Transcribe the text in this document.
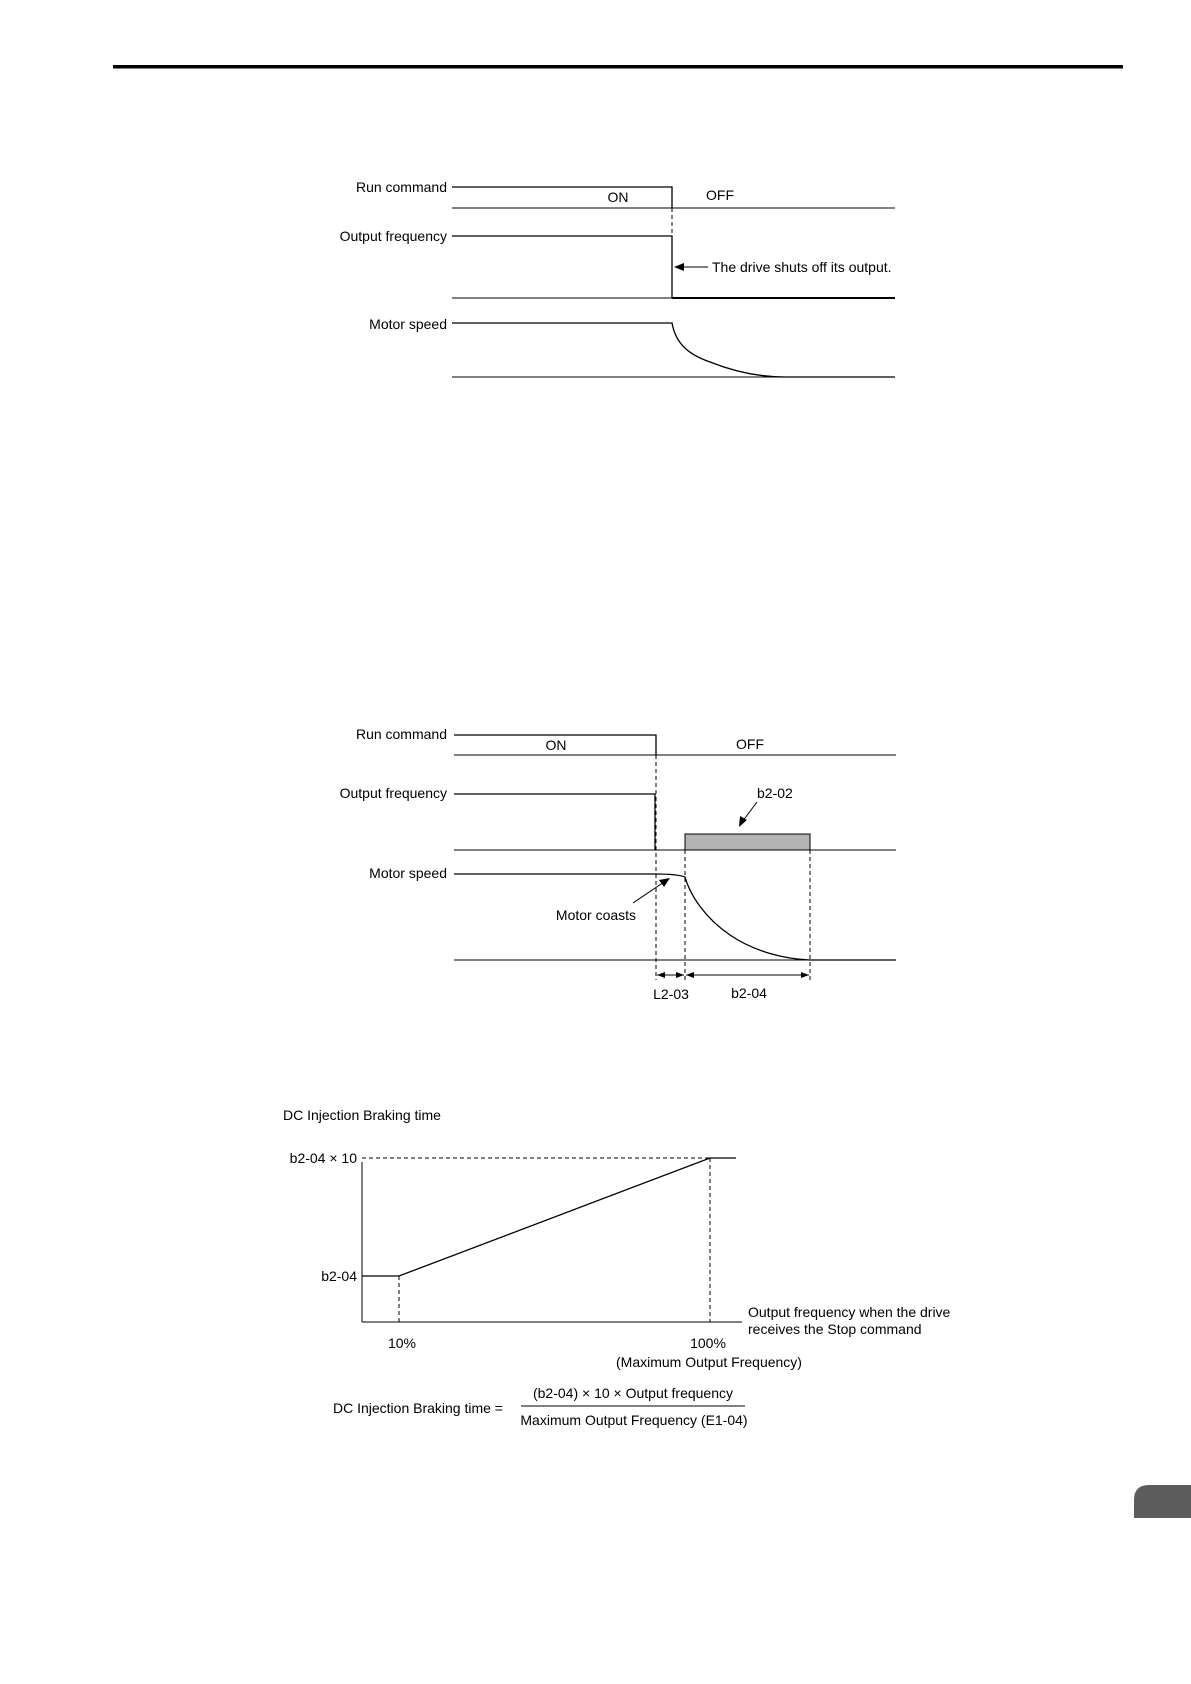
Run command
ON	OFF
Output frequency
The drive shuts off its output.
Motor speed
Run command
ON	OFF
Output frequency	b2-02
Motor speed
Motor coasts
L2-03	b2-04
DC Injection Braking time
b2-04 × 10
b2-04
10%	100%
(Maximum Output Frequency)
Output frequency when the drive
receives the Stop command
DC Injection Braking time =
(b2-04) × 10 × Output frequency
Maximum Output Frequency (E1-04)
